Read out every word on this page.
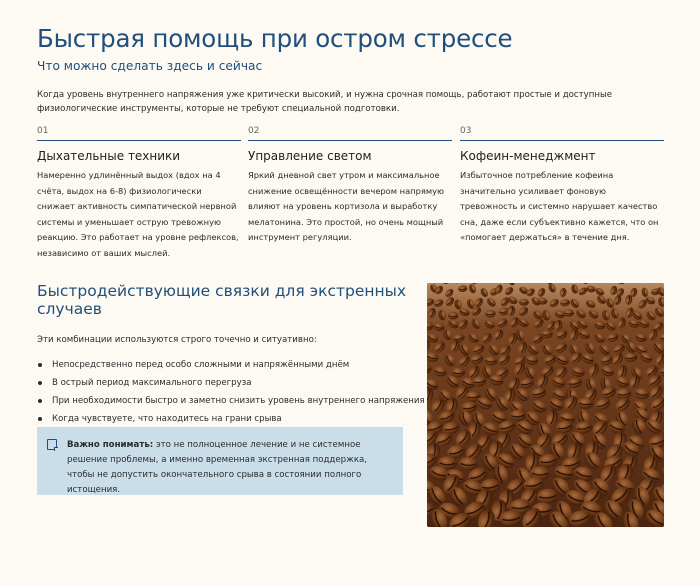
Быстрая помощь при остром стрессе
Что можно сделать здесь и сейчас

Когда уровень внутреннего напряжения уже критически высокий, и нужна срочная помощь, работают простые и доступные физиологические инструменты, которые не требуют специальной подготовки.

01
Дыхательные техники

Намеренно удлинённый выдох (вдох на 4 счёта, выдох на 6-8) физиологически снижает активность симпатической нервной системы и уменьшает острую тревожную реакцию. Это работает на уровне рефлексов, независимо от ваших мыслей.

02
Управление светом

Яркий дневной свет утром и максимальное снижение освещённости вечером напрямую влияют на уровень кортизола и выработку мелатонина. Это простой, но очень мощный инструмент регуляции.

03
Кофеин-менеджмент

Избыточное потребление кофеина значительно усиливает фоновую тревожность и системно нарушает качество сна, даже если субъективно кажется, что он «помогает держаться» в течение дня.

Быстродействующие связки для экстренных случаев

Эти комбинации используются строго точечно и ситуативно:

Непосредственно перед особо сложными и напряжёнными днём
В острый период максимального перегруза
При необходимости быстро и заметно снизить уровень внутреннего напряжения
Когда чувствуете, что находитесь на грани срыва
Важно понимать: это не полноценное лечение и не системное решение проблемы, а именно временная экстренная поддержка, чтобы не допустить окончательного срыва в состоянии полного истощения.
